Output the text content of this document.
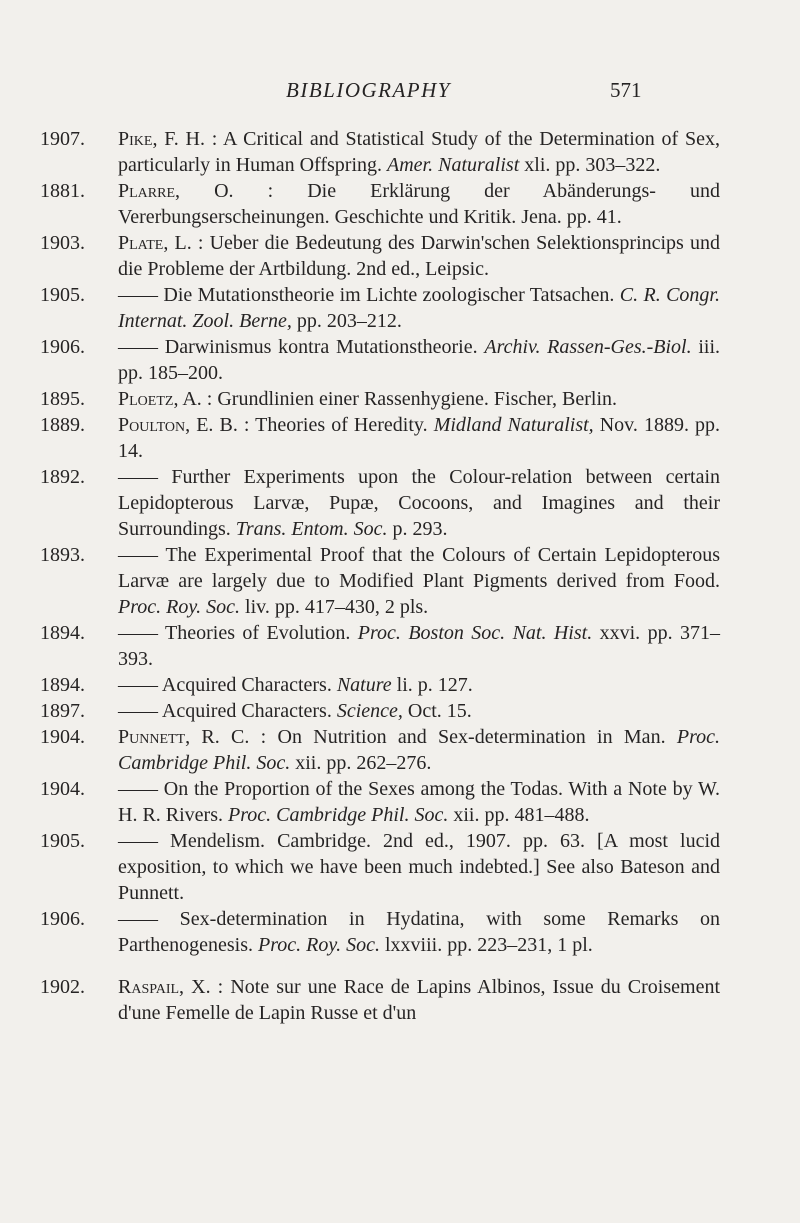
BIBLIOGRAPHY	571
1907.	Pike, F. H. : A Critical and Statistical Study of the Determination of Sex, particularly in Human Offspring. Amer. Naturalist xli. pp. 303–322.
1881.	Plarre, O. : Die Erklärung der Abänderungs- und Vererbungserscheinungen. Geschichte und Kritik. Jena. pp. 41.
1903.	Plate, L. : Ueber die Bedeutung des Darwin'schen Selektionsprincips und die Probleme der Artbildung. 2nd ed., Leipsic.
1905.	—— Die Mutationstheorie im Lichte zoologischer Tatsachen. C. R. Congr. Internat. Zool. Berne, pp. 203–212.
1906.	—— Darwinismus kontra Mutationstheorie. Archiv. Rassen-Ges.-Biol. iii. pp. 185–200.
1895.	Ploetz, A. : Grundlinien einer Rassenhygiene. Fischer, Berlin.
1889.	Poulton, E. B. : Theories of Heredity. Midland Naturalist, Nov. 1889. pp. 14.
1892.	—— Further Experiments upon the Colour-relation between certain Lepidopterous Larvæ, Pupæ, Cocoons, and Imagines and their Surroundings. Trans. Entom. Soc. p. 293.
1893.	—— The Experimental Proof that the Colours of Certain Lepidopterous Larvæ are largely due to Modified Plant Pigments derived from Food. Proc. Roy. Soc. liv. pp. 417–430, 2 pls.
1894.	—— Theories of Evolution. Proc. Boston Soc. Nat. Hist. xxvi. pp. 371–393.
1894.	—— Acquired Characters. Nature li. p. 127.
1897.	—— Acquired Characters. Science, Oct. 15.
1904.	Punnett, R. C. : On Nutrition and Sex-determination in Man. Proc. Cambridge Phil. Soc. xii. pp. 262–276.
1904.	—— On the Proportion of the Sexes among the Todas. With a Note by W. H. R. Rivers. Proc. Cambridge Phil. Soc. xii. pp. 481–488.
1905.	—— Mendelism. Cambridge. 2nd ed., 1907. pp. 63. [A most lucid exposition, to which we have been much indebted.] See also Bateson and Punnett.
1906.	—— Sex-determination in Hydatina, with some Remarks on Parthenogenesis. Proc. Roy. Soc. lxxviii. pp. 223–231, 1 pl.
1902.	Raspail, X. : Note sur une Race de Lapins Albinos, Issue du Croisement d'une Femelle de Lapin Russe et d'un
